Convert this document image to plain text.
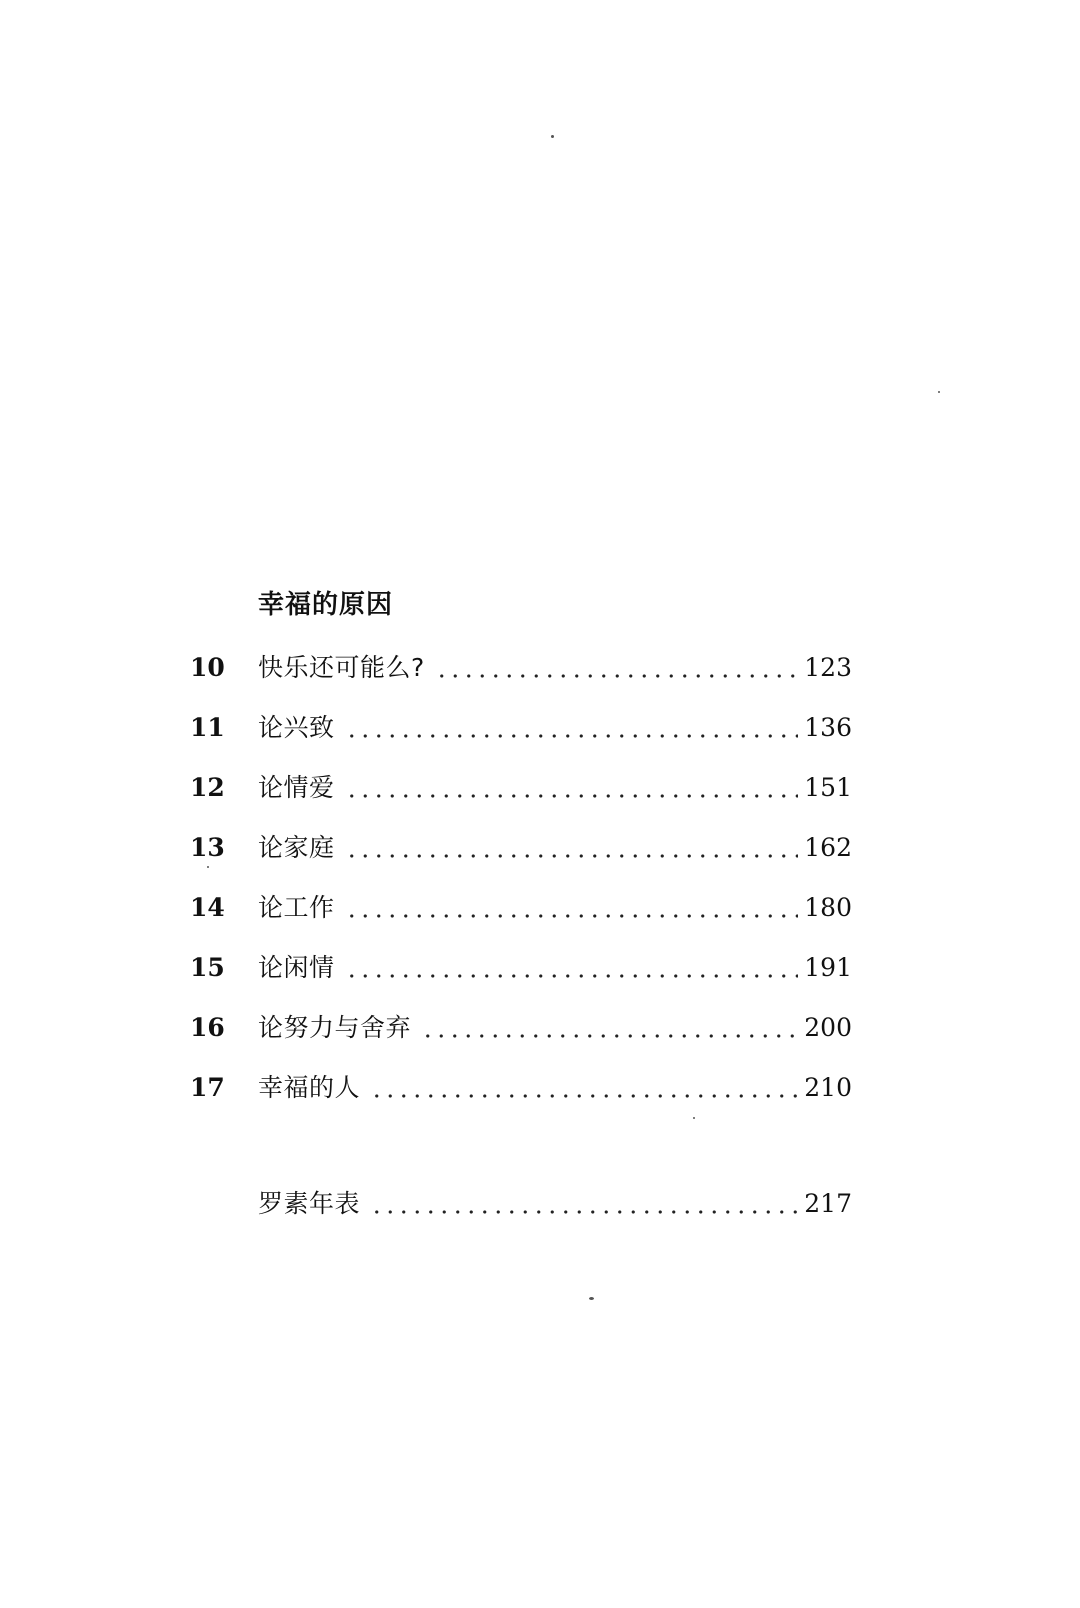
幸福的原因
10	快乐还可能么?	123
11	论兴致	136
12	论情爱	151
13	论家庭	162
14	论工作	180
15	论闲情	191
16	论努力与舍弃	200
17	幸福的人	210
罗素年表	217
